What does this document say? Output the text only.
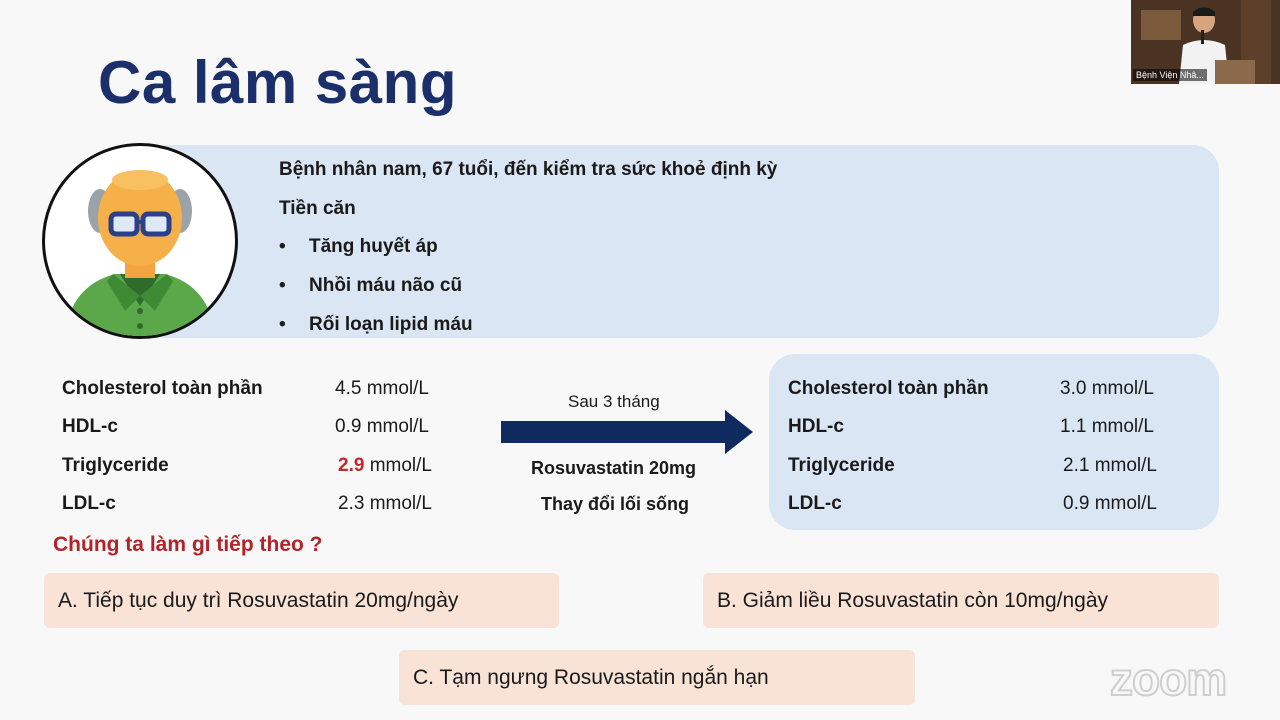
Ca lâm sàng	Bệnh Viện Nhâ...
Bệnh nhân nam, 67 tuổi, đến kiểm tra sức khoẻ định kỳ
Tiền căn
• Tăng huyết áp
• Nhồi máu não cũ
• Rối loạn lipid máu
Cholesterol toàn phần	4.5 mmol/L
HDL-c	0.9 mmol/L
Triglyceride	2.9 mmol/L
LDL-c	2.3 mmol/L
Sau 3 tháng
Rosuvastatin 20mg
Thay đổi lối sống
Cholesterol toàn phần	3.0 mmol/L
HDL-c	1.1 mmol/L
Triglyceride	2.1 mmol/L
LDL-c	0.9 mmol/L
Chúng ta làm gì tiếp theo ?
A. Tiếp tục duy trì Rosuvastatin 20mg/ngày	B. Giảm liều Rosuvastatin còn 10mg/ngày
C. Tạm ngưng Rosuvastatin ngắn hạn	zoom
